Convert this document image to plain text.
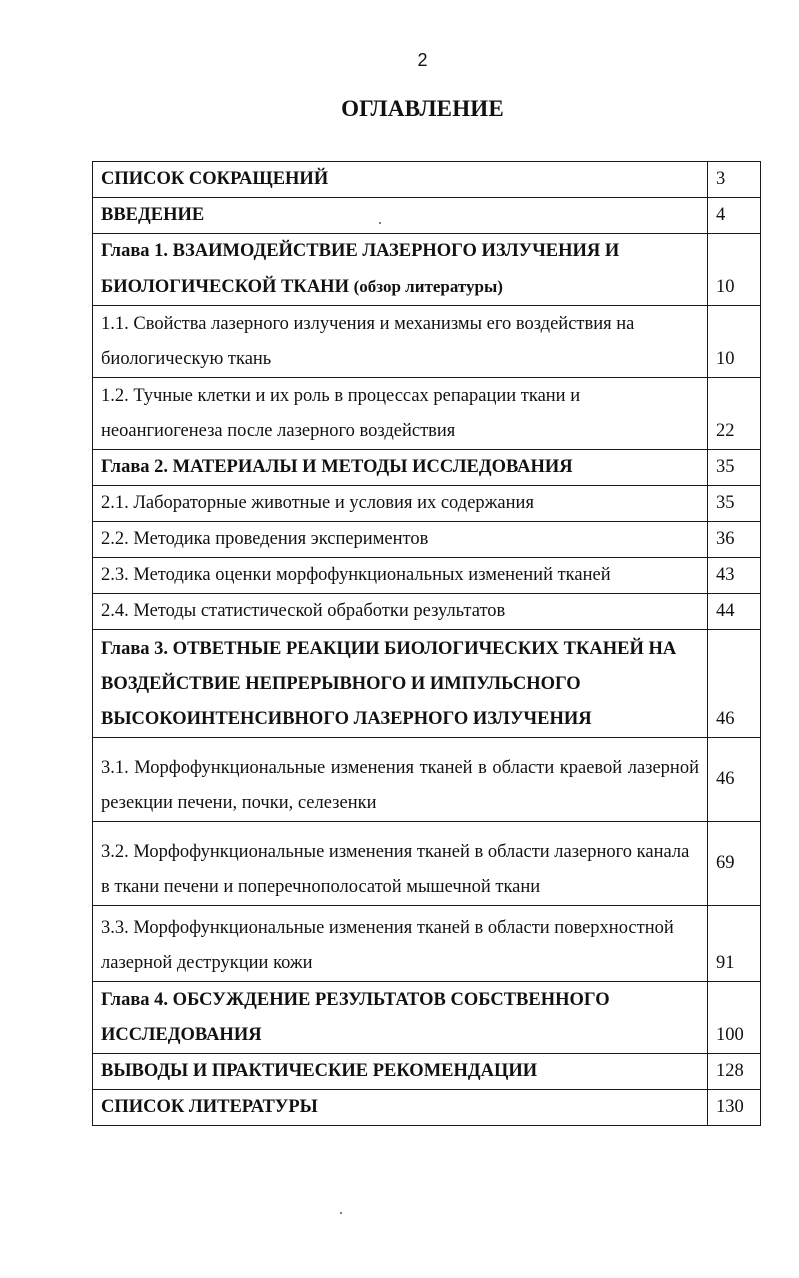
2
ОГЛАВЛЕНИЕ
СПИСОК СОКРАЩЕНИЙ	3
ВВЕДЕНИЕ	4
Глава 1. ВЗАИМОДЕЙСТВИЕ ЛАЗЕРНОГО ИЗЛУЧЕНИЯ И БИОЛОГИЧЕСКОЙ ТКАНИ (обзор литературы)	10
1.1. Свойства лазерного излучения и механизмы его воздействия на биологическую ткань	10
1.2. Тучные клетки и их роль в процессах репарации ткани и неоангиогенеза после лазерного воздействия	22
Глава 2. МАТЕРИАЛЫ И МЕТОДЫ ИССЛЕДОВАНИЯ	35
2.1. Лабораторные животные и условия их содержания	35
2.2. Методика проведения экспериментов	36
2.3. Методика оценки морфофункциональных изменений тканей	43
2.4. Методы статистической обработки результатов	44
Глава 3. ОТВЕТНЫЕ РЕАКЦИИ БИОЛОГИЧЕСКИХ ТКАНЕЙ НА ВОЗДЕЙСТВИЕ НЕПРЕРЫВНОГО И ИМПУЛЬСНОГО ВЫСОКОИНТЕНСИВНОГО ЛАЗЕРНОГО ИЗЛУЧЕНИЯ	46
3.1. Морфофункциональные изменения тканей в области краевой лазерной резекции печени, почки, селезенки	46
3.2. Морфофункциональные изменения тканей в области лазерного канала в ткани печени и поперечнополосатой мышечной ткани	69
3.3. Морфофункциональные изменения тканей в области поверхностной лазерной деструкции кожи	91
Глава 4. ОБСУЖДЕНИЕ РЕЗУЛЬТАТОВ СОБСТВЕННОГО ИССЛЕДОВАНИЯ	100
ВЫВОДЫ И ПРАКТИЧЕСКИЕ РЕКОМЕНДАЦИИ	128
СПИСОК ЛИТЕРАТУРЫ	130
